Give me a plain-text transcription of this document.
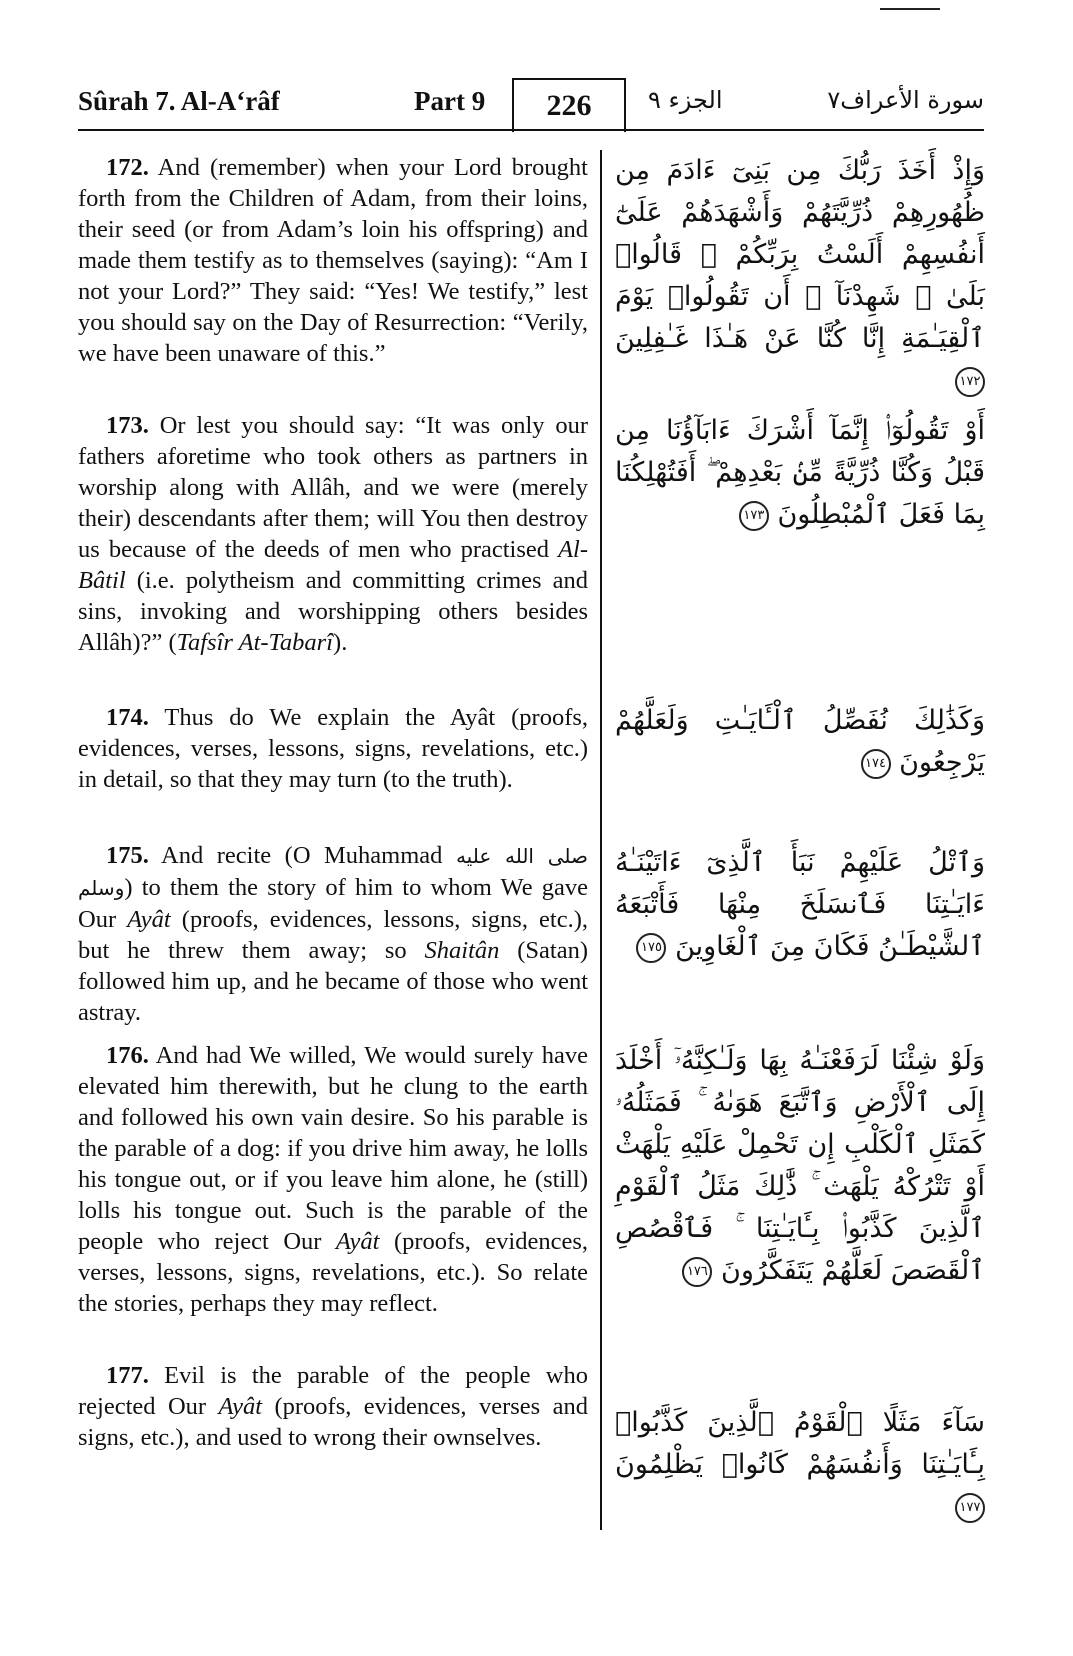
Sûrah 7. Al-A‘râf	Part 9	226	الجزء ٩	سورة الأعراف٧
172. And (remember) when your Lord brought forth from the Children of Adam, from their loins, their seed (or from Adam’s loin his offspring) and made them testify as to themselves (saying): “Am I not your Lord?” They said: “Yes! We testify,” lest you should say on the Day of Resurrection: “Verily, we have been unaware of this.”
وَإِذْ أَخَذَ رَبُّكَ مِن بَنِىٓ ءَادَمَ مِن ظُهُورِهِمْ ذُرِّيَّتَهُمْ وَأَشْهَدَهُمْ عَلَىٰٓ أَنفُسِهِمْ أَلَسْتُ بِرَبِّكُمْ ۖ قَالُوا۟ بَلَىٰ ۛ شَهِدْنَآ ۛ أَن تَقُولُوا۟ يَوْمَ ٱلْقِيَـٰمَةِ إِنَّا كُنَّا عَنْ هَـٰذَا غَـٰفِلِينَ ١٧٢
173. Or lest you should say: “It was only our fathers aforetime who took others as partners in worship along with Allâh, and we were (merely their) descendants after them; will You then destroy us because of the deeds of men who practised Al-Bâtil (i.e. polytheism and committing crimes and sins, invoking and worshipping others besides Allâh)?” (Tafsîr At-Tabarî).
أَوْ تَقُولُوٓا۟ إِنَّمَآ أَشْرَكَ ءَابَآؤُنَا مِن قَبْلُ وَكُنَّا ذُرِّيَّةً مِّنۢ بَعْدِهِمْ ۖ أَفَتُهْلِكُنَا بِمَا فَعَلَ ٱلْمُبْطِلُونَ ١٧٣
174. Thus do We explain the Ayât (proofs, evidences, verses, lessons, signs, revelations, etc.) in detail, so that they may turn (to the truth).
وَكَذَٰلِكَ نُفَصِّلُ ٱلْـَٔايَـٰتِ وَلَعَلَّهُمْ يَرْجِعُونَ ١٧٤
175. And recite (O Muhammad صلى الله عليه وسلم) to them the story of him to whom We gave Our Ayât (proofs, evidences, lessons, signs, etc.), but he threw them away; so Shaitân (Satan) followed him up, and he became of those who went astray.
وَٱتْلُ عَلَيْهِمْ نَبَأَ ٱلَّذِىٓ ءَاتَيْنَـٰهُ ءَايَـٰتِنَا فَٱنسَلَخَ مِنْهَا فَأَتْبَعَهُ ٱلشَّيْطَـٰنُ فَكَانَ مِنَ ٱلْغَاوِينَ ١٧٥
176. And had We willed, We would surely have elevated him therewith, but he clung to the earth and followed his own vain desire. So his parable is the parable of a dog: if you drive him away, he lolls his tongue out, or if you leave him alone, he (still) lolls his tongue out. Such is the parable of the people who reject Our Ayât (proofs, evidences, verses, lessons, signs, revelations, etc.). So relate the stories, perhaps they may reflect.
وَلَوْ شِئْنَا لَرَفَعْنَـٰهُ بِهَا وَلَـٰكِنَّهُۥٓ أَخْلَدَ إِلَى ٱلْأَرْضِ وَٱتَّبَعَ هَوَىٰهُ ۚ فَمَثَلُهُۥ كَمَثَلِ ٱلْكَلْبِ إِن تَحْمِلْ عَلَيْهِ يَلْهَثْ أَوْ تَتْرُكْهُ يَلْهَث ۚ ذَّٰلِكَ مَثَلُ ٱلْقَوْمِ ٱلَّذِينَ كَذَّبُوا۟ بِـَٔايَـٰتِنَا ۚ فَٱقْصُصِ ٱلْقَصَصَ لَعَلَّهُمْ يَتَفَكَّرُونَ ١٧٦
177. Evil is the parable of the people who rejected Our Ayât (proofs, evidences, verses and signs, etc.), and used to wrong their ownselves.	سَآءَ مَثَلًا ٱلْقَوْمُ ٱلَّذِينَ كَذَّبُوا۟ بِـَٔايَـٰتِنَا وَأَنفُسَهُمْ كَانُوا۟ يَظْلِمُونَ ١٧٧
